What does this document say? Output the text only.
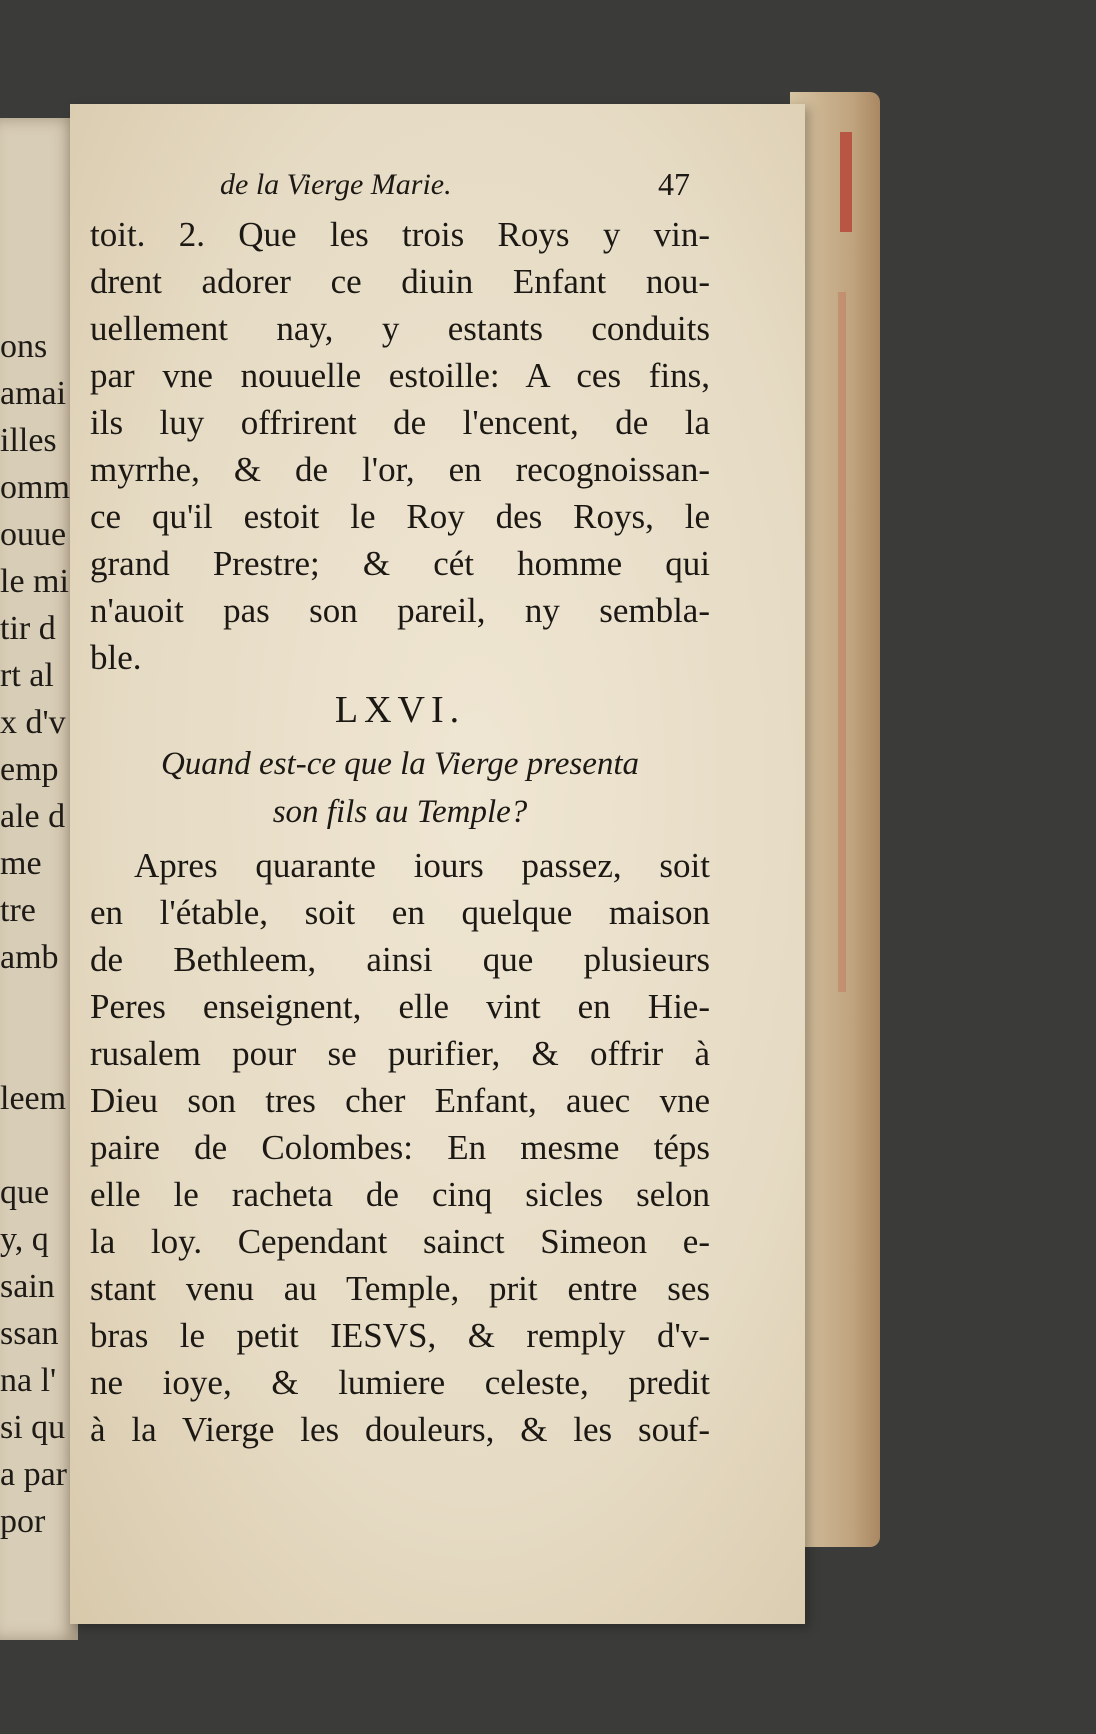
ons
amai
illes
omm
ouue
le mi
tir d
rt al
x d'v
emp
ale d
me
tre
amb
leem
que
y, q
sain
ssan
na l'
si qu
a par
por
de la Vierge Marie.	47
toit. 2. Que les trois Roys y vin-
drent adorer ce diuin Enfant nou-
uellement nay, y estants conduits
par vne nouuelle estoille: A ces fins,
ils luy offrirent de l'encent, de la
myrrhe, & de l'or, en recognoissan-
ce qu'il estoit le Roy des Roys, le
grand Prestre; & cét homme qui
n'auoit pas son pareil, ny sembla-
ble.
LXVI.
Quand est-ce que la Vierge presenta
son fils au Temple?
Apres quarante iours passez, soit
en l'étable, soit en quelque maison
de Bethleem, ainsi que plusieurs
Peres enseignent, elle vint en Hie-
rusalem pour se purifier, & offrir à
Dieu son tres cher Enfant, auec vne
paire de Colombes: En mesme téps
elle le racheta de cinq sicles selon
la loy. Cependant sainct Simeon e-
stant venu au Temple, prit entre ses
bras le petit IESVS, & remply d'v-
ne ioye, & lumiere celeste, predit
à la Vierge les douleurs, & les souf-
